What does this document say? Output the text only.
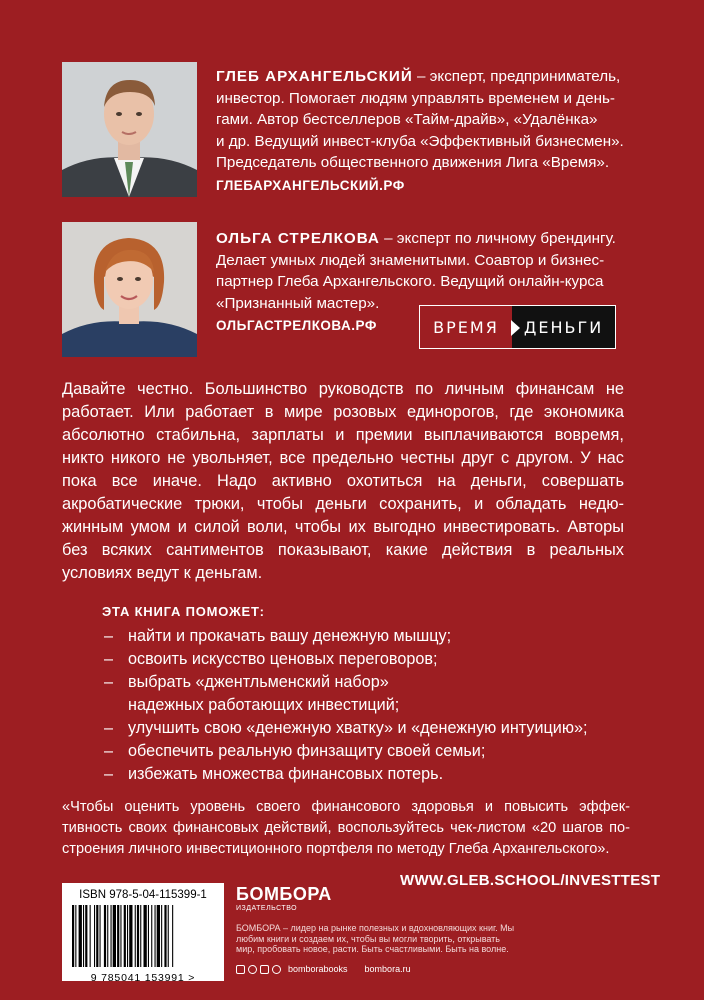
ГЛЕБ АРХАНГЕЛЬСКИЙ – эксперт, предприниматель,
инвестор. Помогает людям управлять временем и день-
гами. Автор бестселлеров «Тайм-драйв», «Удалёнка»
и др. Ведущий инвест-клуба «Эффективный бизнесмен».
Председатель общественного движения Лига «Время».
ГЛЕБАРХАНГЕЛЬСКИЙ.РФ
ОЛЬГА СТРЕЛКОВА – эксперт по личному брендингу.
Делает умных людей знаменитыми. Соавтор и бизнес-
партнер Глеба Архангельского. Ведущий онлайн-курса
«Признанный мастер».
ОЛЬГАСТРЕЛКОВА.РФ	ВРЕМЯ	ДЕНЬГИ
Давайте честно. Большинство руководств по личным финансам не работает. Или работает в мире розовых единорогов, где экономика абсолютно стабильна, зарплаты и премии выплачиваются вовремя, никто никого не увольняет, все предельно честны друг с другом. У нас пока все иначе. Надо активно охотиться на деньги, совершать акробатические трюки, чтобы деньги сохранить, и обладать недю-жинным умом и силой воли, чтобы их выгодно инвестировать. Авторы без всяких сантиментов показывают, какие действия в реальных условиях ведут к деньгам.
ЭТА КНИГА ПОМОЖЕТ:
– найти и прокачать вашу денежную мышцу;
– освоить искусство ценовых переговоров;
– выбрать «джентльменский набор»
надежных работающих инвестиций;
– улучшить свою «денежную хватку» и «денежную интуицию»;
– обеспечить реальную финзащиту своей семьи;
– избежать множества финансовых потерь.
«Чтобы оценить уровень своего финансового здоровья и повысить эффек-тивность своих финансовых действий, воспользуйтесь чек-листом «20 шагов по-строения личного инвестиционного портфеля по методу Глеба Архангельского».
WWW.GLEB.SCHOOL/INVESTTEST
ISBN 978-5-04-115399-1
9 785041 153991 >
БОМБОРА
ИЗДАТЕЛЬСТВО
БОМБОРА – лидер на рынке полезных и вдохновляющих книг. Мы любим книги и создаем их, чтобы вы могли творить, открывать мир, пробовать новое, расти. Быть счастливыми. Быть на волне.
bomborabooks bombora.ru
